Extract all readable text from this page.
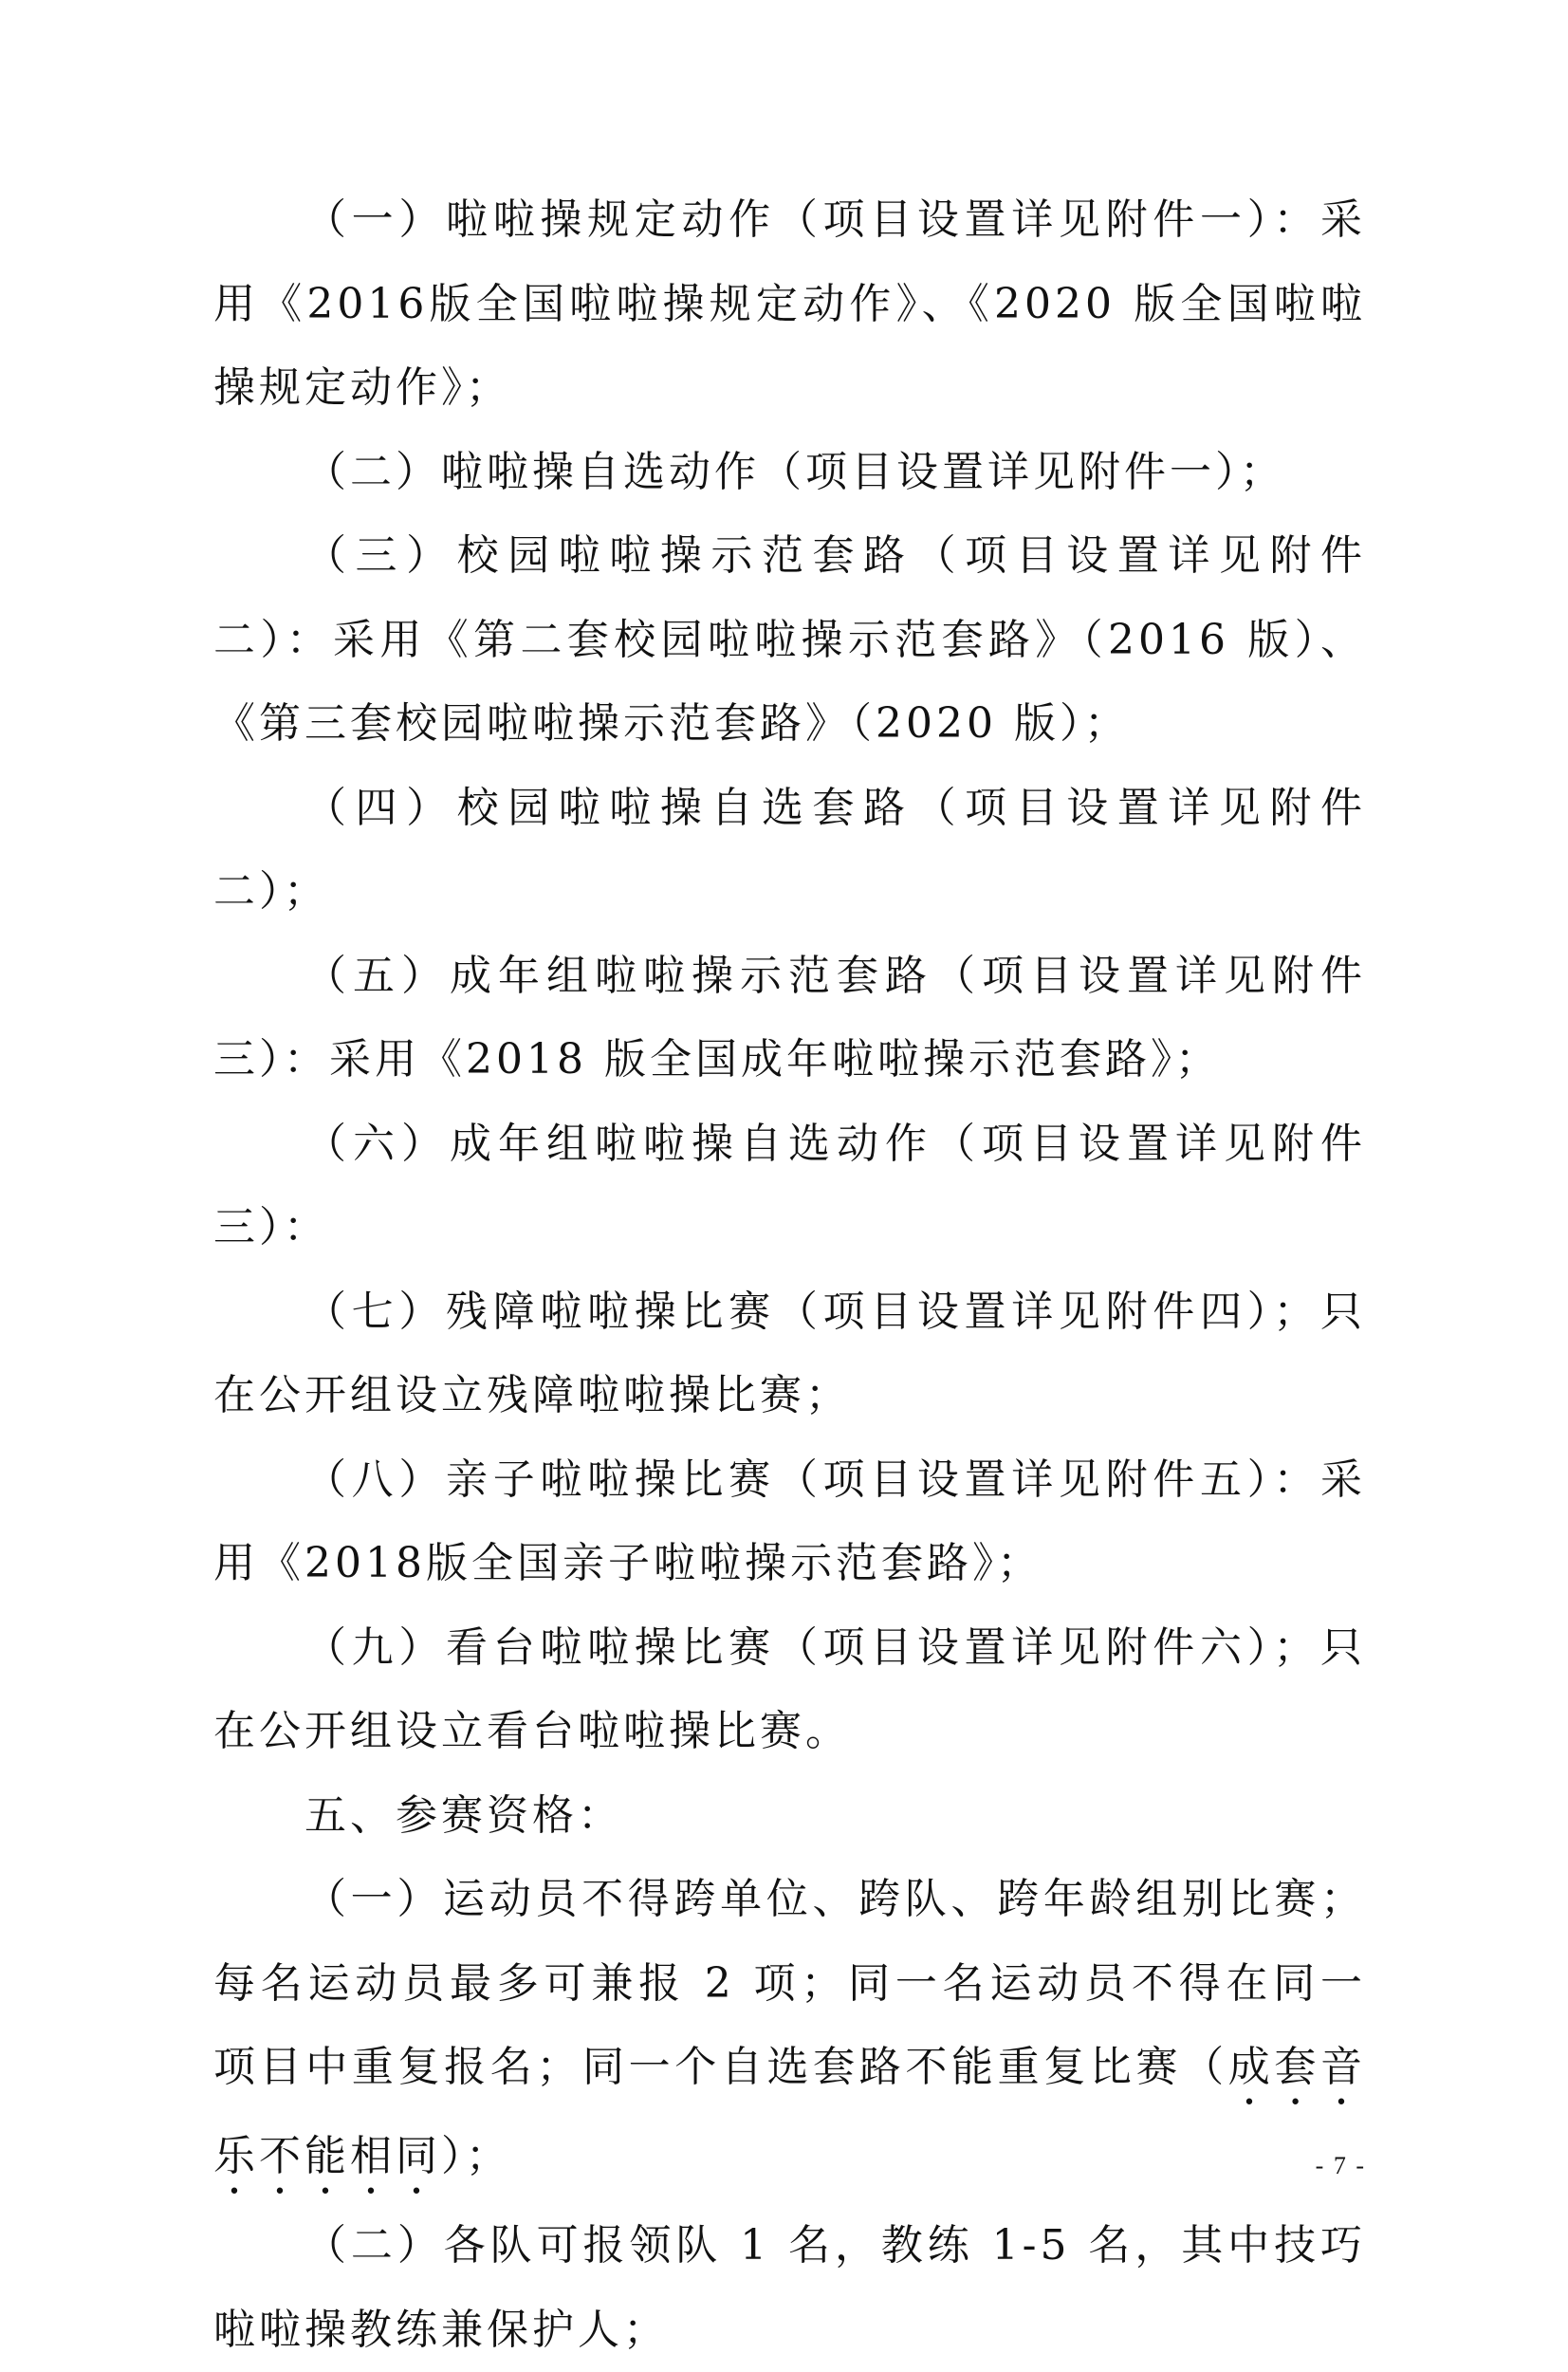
（一）啦啦操规定动作（项目设置详见附件一）：采用《2016版全国啦啦操规定动作》、《2020 版全国啦啦操规定动作》；

（二）啦啦操自选动作（项目设置详见附件一）；

（三）校园啦啦操示范套路（项目设置详见附件二）：采用《第二套校园啦啦操示范套路》（2016 版）、《第三套校园啦啦操示范套路》（2020 版）；

（四）校园啦啦操自选套路（项目设置详见附件二）；

（五）成年组啦啦操示范套路（项目设置详见附件三）：采用《2018 版全国成年啦啦操示范套路》；

（六）成年组啦啦操自选动作（项目设置详见附件三）：

（七）残障啦啦操比赛（项目设置详见附件四）；只在公开组设立残障啦啦操比赛；

（八）亲子啦啦操比赛（项目设置详见附件五）：采用《2018版全国亲子啦啦操示范套路》；

（九）看台啦啦操比赛（项目设置详见附件六）；只在公开组设立看台啦啦操比赛。

五、参赛资格：

（一）运动员不得跨单位、跨队、跨年龄组别比赛；每名运动员最多可兼报 2 项；同一名运动员不得在同一项目中重复报名；同一个自选套路不能重复比赛（成套音乐不能相同）；

（二）各队可报领队 1 名，教练 1-5 名，其中技巧啦啦操教练兼保护人；

- 7 -
